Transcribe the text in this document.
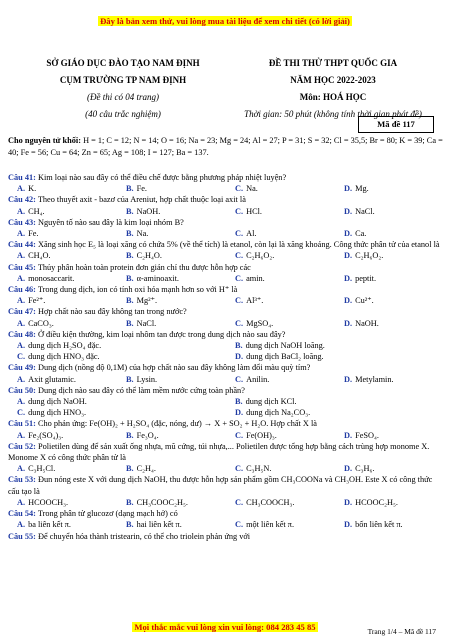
Đây là bản xem thử, vui lòng mua tài liệu để xem chi tiết (có lời giải)
SỞ GIÁO DỤC ĐÀO TẠO NAM ĐỊNH
CỤM TRƯỜNG TP NAM ĐỊNH
(Đề thi có 04 trang)
(40 câu trắc nghiệm)
ĐỀ THI THỬ THPT QUỐC GIA
NĂM HỌC 2022-2023
Môn: HOÁ HỌC
Thời gian: 50 phút (không tính thời gian phát đề)
Mã đề 117
Cho nguyên tử khối: H = 1; C = 12; N = 14; O = 16; Na = 23; Mg = 24; Al = 27; P = 31; S = 32; Cl = 35,5; Br = 80; K = 39; Ca = 40; Fe = 56; Cu = 64; Zn = 65; Ag = 108; I = 127; Ba = 137.
Câu 41: Kim loại nào sau đây có thể điều chế được bằng phương pháp nhiệt luyện?
A. K.	B. Fe.	C. Na.	D. Mg.
Câu 42: Theo thuyết axit - bazơ của Areniut, hợp chất thuộc loại axit là
A. CH₄.	B. NaOH.	C. HCl.	D. NaCl.
Câu 43: Nguyên tố nào sau đây là kim loại nhóm B?
A. Fe.	B. Na.	C. Al.	D. Ca.
Câu 44: Xăng sinh học E₅ là loại xăng có chứa 5% (về thể tích) là etanol, còn lại là xăng khoáng. Công thức phân tử của etanol là
A. CH₄O.	B. C₂H₄O.	C. C₂H₆O₂.	D. C₂H₆O₂.
Câu 45: Thủy phân hoàn toàn protein đơn giản chỉ thu được hỗn hợp các
A. monosaccarit.	B. α-aminoaxit.	C. amin.	D. peptit.
Câu 46: Trong dung dịch, ion có tính oxi hóa mạnh hơn so với H⁺ là
A. Fe²⁺.	B. Mg²⁺.	C. Al³⁺.	D. Cu²⁺.
Câu 47: Hợp chất nào sau đây không tan trong nước?
A. CaCO₃.	B. NaCl.	C. MgSO₄.	D. NaOH.
Câu 48: Ở điều kiện thường, kim loại nhôm tan được trong dung dịch nào sau đây?
A. dung dịch H₂SO₄ đặc.	B. dung dịch NaOH loãng.
C. dung dịch HNO₃ đặc.	D. dung dịch BaCl₂ loãng.
Câu 49: Dung dịch (nồng độ 0,1M) của hợp chất nào sau đây không làm đổi màu quỳ tím?
A. Axit glutamic.	B. Lysin.	C. Anilin.	D. Metylamin.
Câu 50: Dung dịch nào sau đây có thể làm mềm nước cứng toàn phần?
A. dung dịch NaOH.	B. dung dịch KCl.
C. dung dịch HNO₃.	D. dung dịch Na₂CO₃.
Câu 51: Cho phản ứng: Fe(OH)₂ + H₂SO₄ (đặc, nóng, dư) → X + SO₂ + H₂O. Hợp chất X là
A. Fe₂(SO₄)₃.	B. Fe₃O₄.	C. Fe(OH)₃.	D. FeSO₄.
Câu 52: Polietilen dùng để sản xuất ống nhựa, mũ cứng, túi nhựa,... Polietilen được tổng hợp bằng cách trùng hợp monome X. Monome X có công thức phân tử là
A. C₃H₅Cl.	B. C₂H₄.	C. C₃H₅N.	D. C₃H₆.
Câu 53: Đun nóng este X với dung dịch NaOH, thu được hỗn hợp sản phẩm gồm CH₃COONa và CH₃OH. Este X có công thức cấu tạo là
A. HCOOCH₃.	B. CH₃COOC₂H₅.	C. CH₃COOCH₃.	D. HCOOC₂H₅.
Câu 54: Trong phân tử glucozơ (dạng mạch hở) có
A. ba liên kết π.	B. hai liên kết π.	C. một liên kết π.	D. bốn liên kết π.
Câu 55: Để chuyển hóa thành tristearin, có thể cho triolein phản ứng với
Mọi thắc mắc vui lòng xin vui lòng: 084 283 45 85	Trang 1/4 – Mã đề 117
